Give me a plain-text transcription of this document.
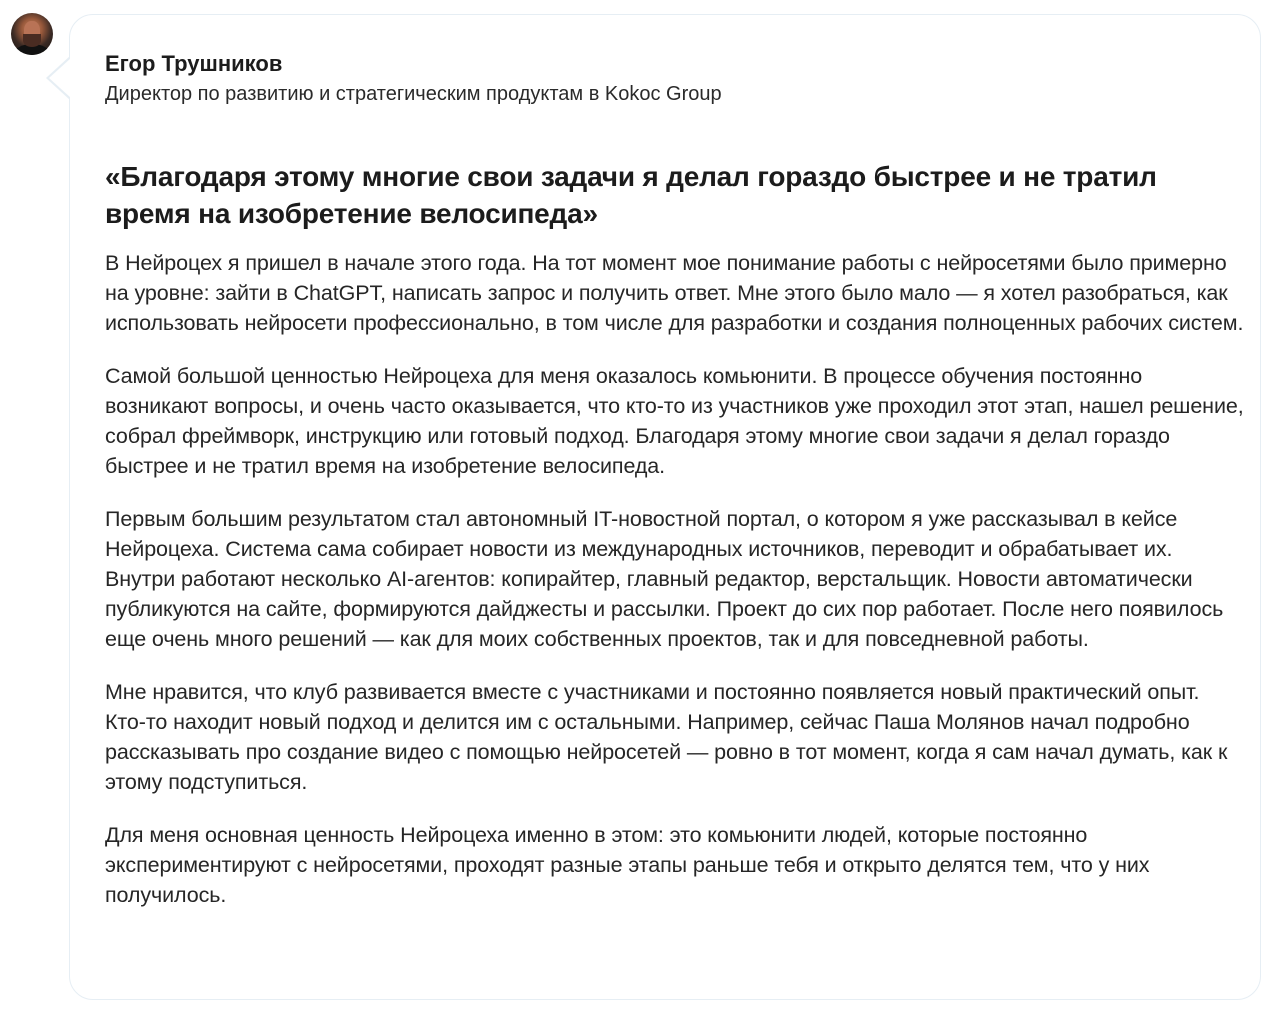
Егор Трушников

Директор по развитию и стратегическим продуктам в Kokoc Group

«Благодаря этому многие свои задачи я делал гораздо быстрее и не тратил время на изобретение велосипеда»

В Нейроцех я пришел в начале этого года. На тот момент мое понимание работы с нейросетями было примерно на уровне: зайти в ChatGPT, написать запрос и получить ответ. Мне этого было мало — я хотел разобраться, как использовать нейросети профессионально, в том числе для разработки и создания полноценных рабочих систем.

Самой большой ценностью Нейроцеха для меня оказалось комьюнити. В процессе обучения постоянно возникают вопросы, и очень часто оказывается, что кто-то из участников уже проходил этот этап, нашел решение, собрал фреймворк, инструкцию или готовый подход. Благодаря этому многие свои задачи я делал гораздо быстрее и не тратил время на изобретение велосипеда.

Первым большим результатом стал автономный IT-новостной портал, о котором я уже рассказывал в кейсе Нейроцеха. Система сама собирает новости из международных источников, переводит и обрабатывает их. Внутри работают несколько AI-агентов: копирайтер, главный редактор, верстальщик. Новости автоматически публикуются на сайте, формируются дайджесты и рассылки. Проект до сих пор работает. После него появилось еще очень много решений — как для моих собственных проектов, так и для повседневной работы.

Мне нравится, что клуб развивается вместе с участниками и постоянно появляется новый практический опыт. Кто-то находит новый подход и делится им с остальными. Например, сейчас Паша Молянов начал подробно рассказывать про создание видео с помощью нейросетей — ровно в тот момент, когда я сам начал думать, как к этому подступиться.

Для меня основная ценность Нейроцеха именно в этом: это комьюнити людей, которые постоянно экспериментируют с нейросетями, проходят разные этапы раньше тебя и открыто делятся тем, что у них получилось.
